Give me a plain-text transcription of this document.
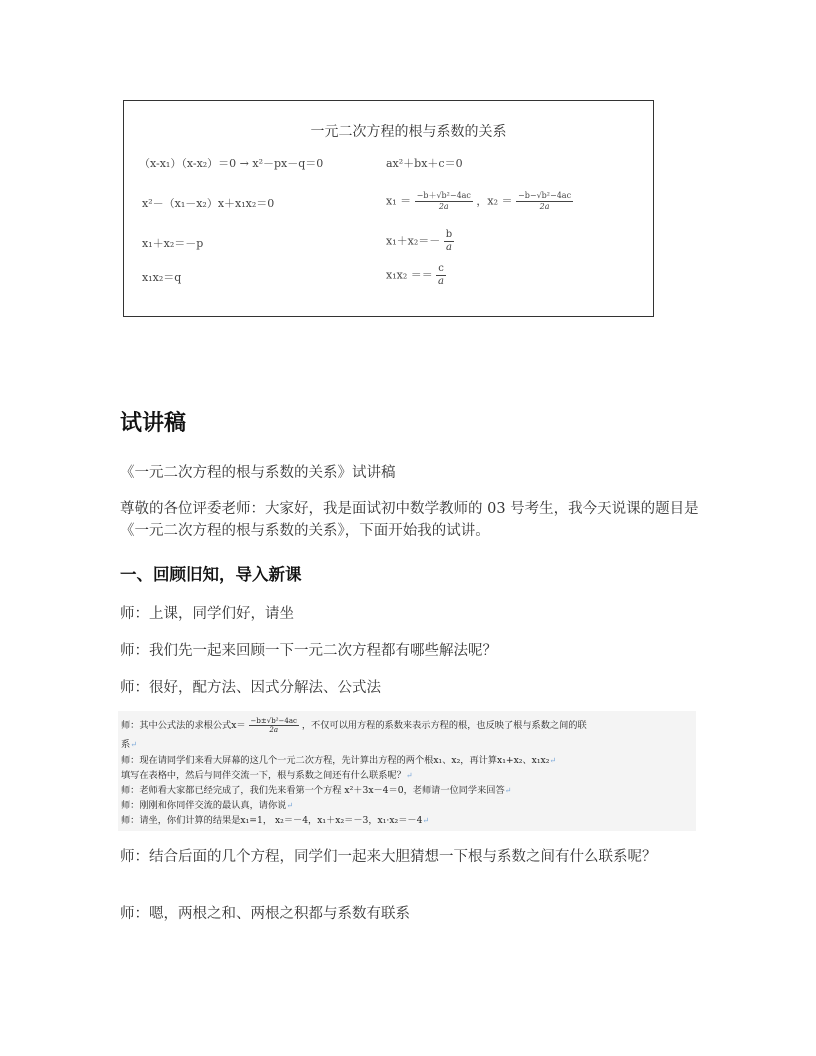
一元二次方程的根与系数的关系
（x-x₁）（x-x₂）＝0 → x²－px－q＝0	ax²＋bx＋c＝0
x²－（x₁－x₂）x＋x₁x₂＝0	$x_1 = \frac{\text{−b＋√b²−4ac}}{2a}$ ，$x_2 = \frac{\text{−b−√b²−4ac}}{2a}$
x₁＋x₂＝－p	$x_1+x_2=- \frac{b}{a}$
x₁x₂＝q	$x_1x_2 == \frac{c}{a}$
试讲稿
《一元二次方程的根与系数的关系》试讲稿
尊敬的各位评委老师：大家好，我是面试初中数学教师的 03 号考生，我今天说课的题目是《一元二次方程的根与系数的关系》，下面开始我的试讲。
一、回顾旧知，导入新课
师：上课，同学们好，请坐
师：我们先一起来回顾一下一元二次方程都有哪些解法呢？
师：很好，配方法、因式分解法、公式法
师：其中公式法的求根公式$x= \frac{\text{−b±√b²−4ac}}{2a}$ ，不仅可以用方程的系数来表示方程的根，也反映了根与系数之间的联
系↵
师：现在请同学们来看大屏幕的这几个一元二次方程，先计算出方程的两个根x₁、x₂，再计算x₁+x₂、x₁x₂↵
填写在表格中，然后与同伴交流一下，根与系数之间还有什么联系呢？↵
师：老师看大家都已经完成了，我们先来看第一个方程 x²＋3x－4＝0，老师请一位同学来回答↵
师：刚刚和你同伴交流的最认真，请你说↵
师：请坐，你们计算的结果是x₁=1， x₂＝－4，x₁＋x₂＝－3，x₁·x₂＝－4↵
师：结合后面的几个方程，同学们一起来大胆猜想一下根与系数之间有什么联系呢？
师：嗯，两根之和、两根之积都与系数有联系
